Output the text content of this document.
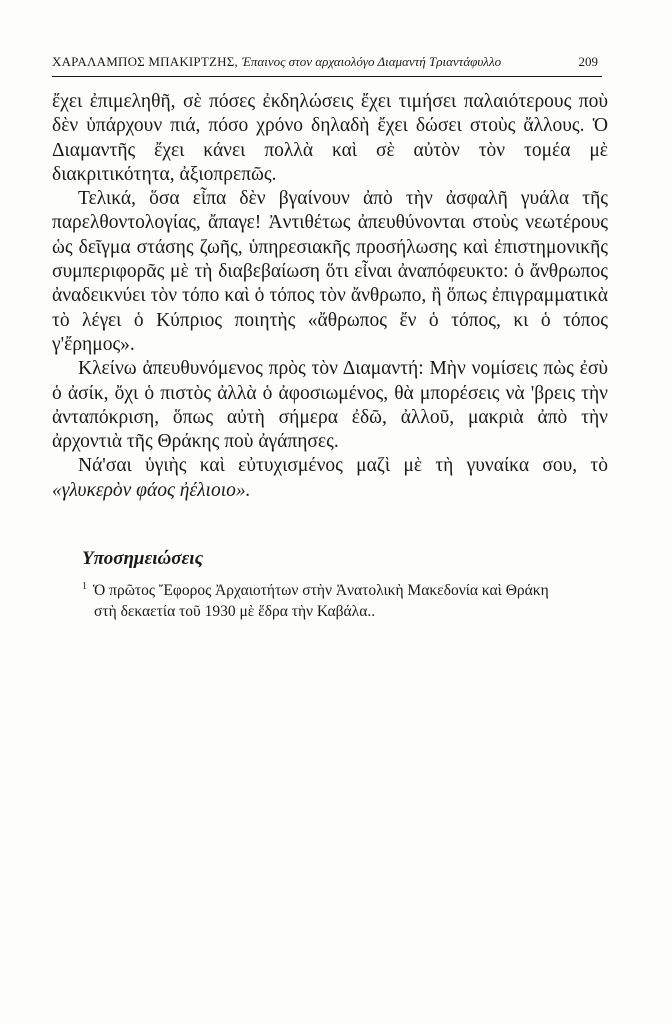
ΧΑΡΑΛΑΜΠΟΣ ΜΠΑΚΙΡΤΖΗΣ, Έπαινος στον αρχαιολόγο Διαμαντή Τριαντάφυλλο	209

ἔχει ἐπιμεληθῆ, σὲ πόσες ἐκδηλώσεις ἔχει τιμήσει παλαιότερους ποὺ δὲν ὑπάρχουν πιά, πόσο χρόνο δηλαδὴ ἔχει δώσει στοὺς ἄλλους. Ὁ Διαμαντῆς ἔχει κάνει πολλὰ καὶ σὲ αὐτὸν τὸν τομέα μὲ διακριτικότητα, ἀξιοπρεπῶς.

Τελικά, ὅσα εἶπα δὲν βγαίνουν ἀπὸ τὴν ἀσφαλῆ γυάλα τῆς παρελθοντολογίας, ἄπαγε! Ἀντιθέτως ἀπευθύνονται στοὺς νεωτέρους ὡς δεῖγμα στάσης ζωῆς, ὑπηρεσιακῆς προσήλωσης καὶ ἐπιστημονικῆς συμπεριφορᾶς μὲ τὴ διαβεβαίωση ὅτι εἶναι ἀναπόφευκτο: ὁ ἄνθρωπος ἀναδεικνύει τὸν τόπο καὶ ὁ τόπος τὸν ἄνθρωπο, ἢ ὅπως ἐπιγραμματικὰ τὸ λέγει ὁ Κύπριος ποιητὴς «ἄθρωπος ἔν ὁ τόπος, κι ὁ τόπος γ'ἔρημος».

Κλείνω ἀπευθυνόμενος πρὸς τὸν Διαμαντή: Μὴν νομίσεις πὼς ἐσὺ ὁ ἀσίκ, ὄχι ὁ πιστὸς ἀλλὰ ὁ ἀφοσιωμένος, θὰ μπορέσεις νὰ 'βρεις τὴν ἀνταπόκριση, ὅπως αὐτὴ σήμερα ἐδῶ, ἀλλοῦ, μακριὰ ἀπὸ τὴν ἀρχοντιὰ τῆς Θράκης ποὺ ἀγάπησες.

Νά'σαι ὑγιὴς καὶ εὐτυχισμένος μαζὶ μὲ τὴ γυναίκα σου, τὸ «γλυκερὸν φάος ἠέλιοιο».

Υποσημειώσεις
$^1$ Ὁ πρῶτος Ἔφορος Ἀρχαιοτήτων στὴν Ἀνατολικὴ Μακεδονία καὶ Θράκη
στὴ δεκαετία τοῦ 1930 μὲ ἕδρα τὴν Καβάλα..
